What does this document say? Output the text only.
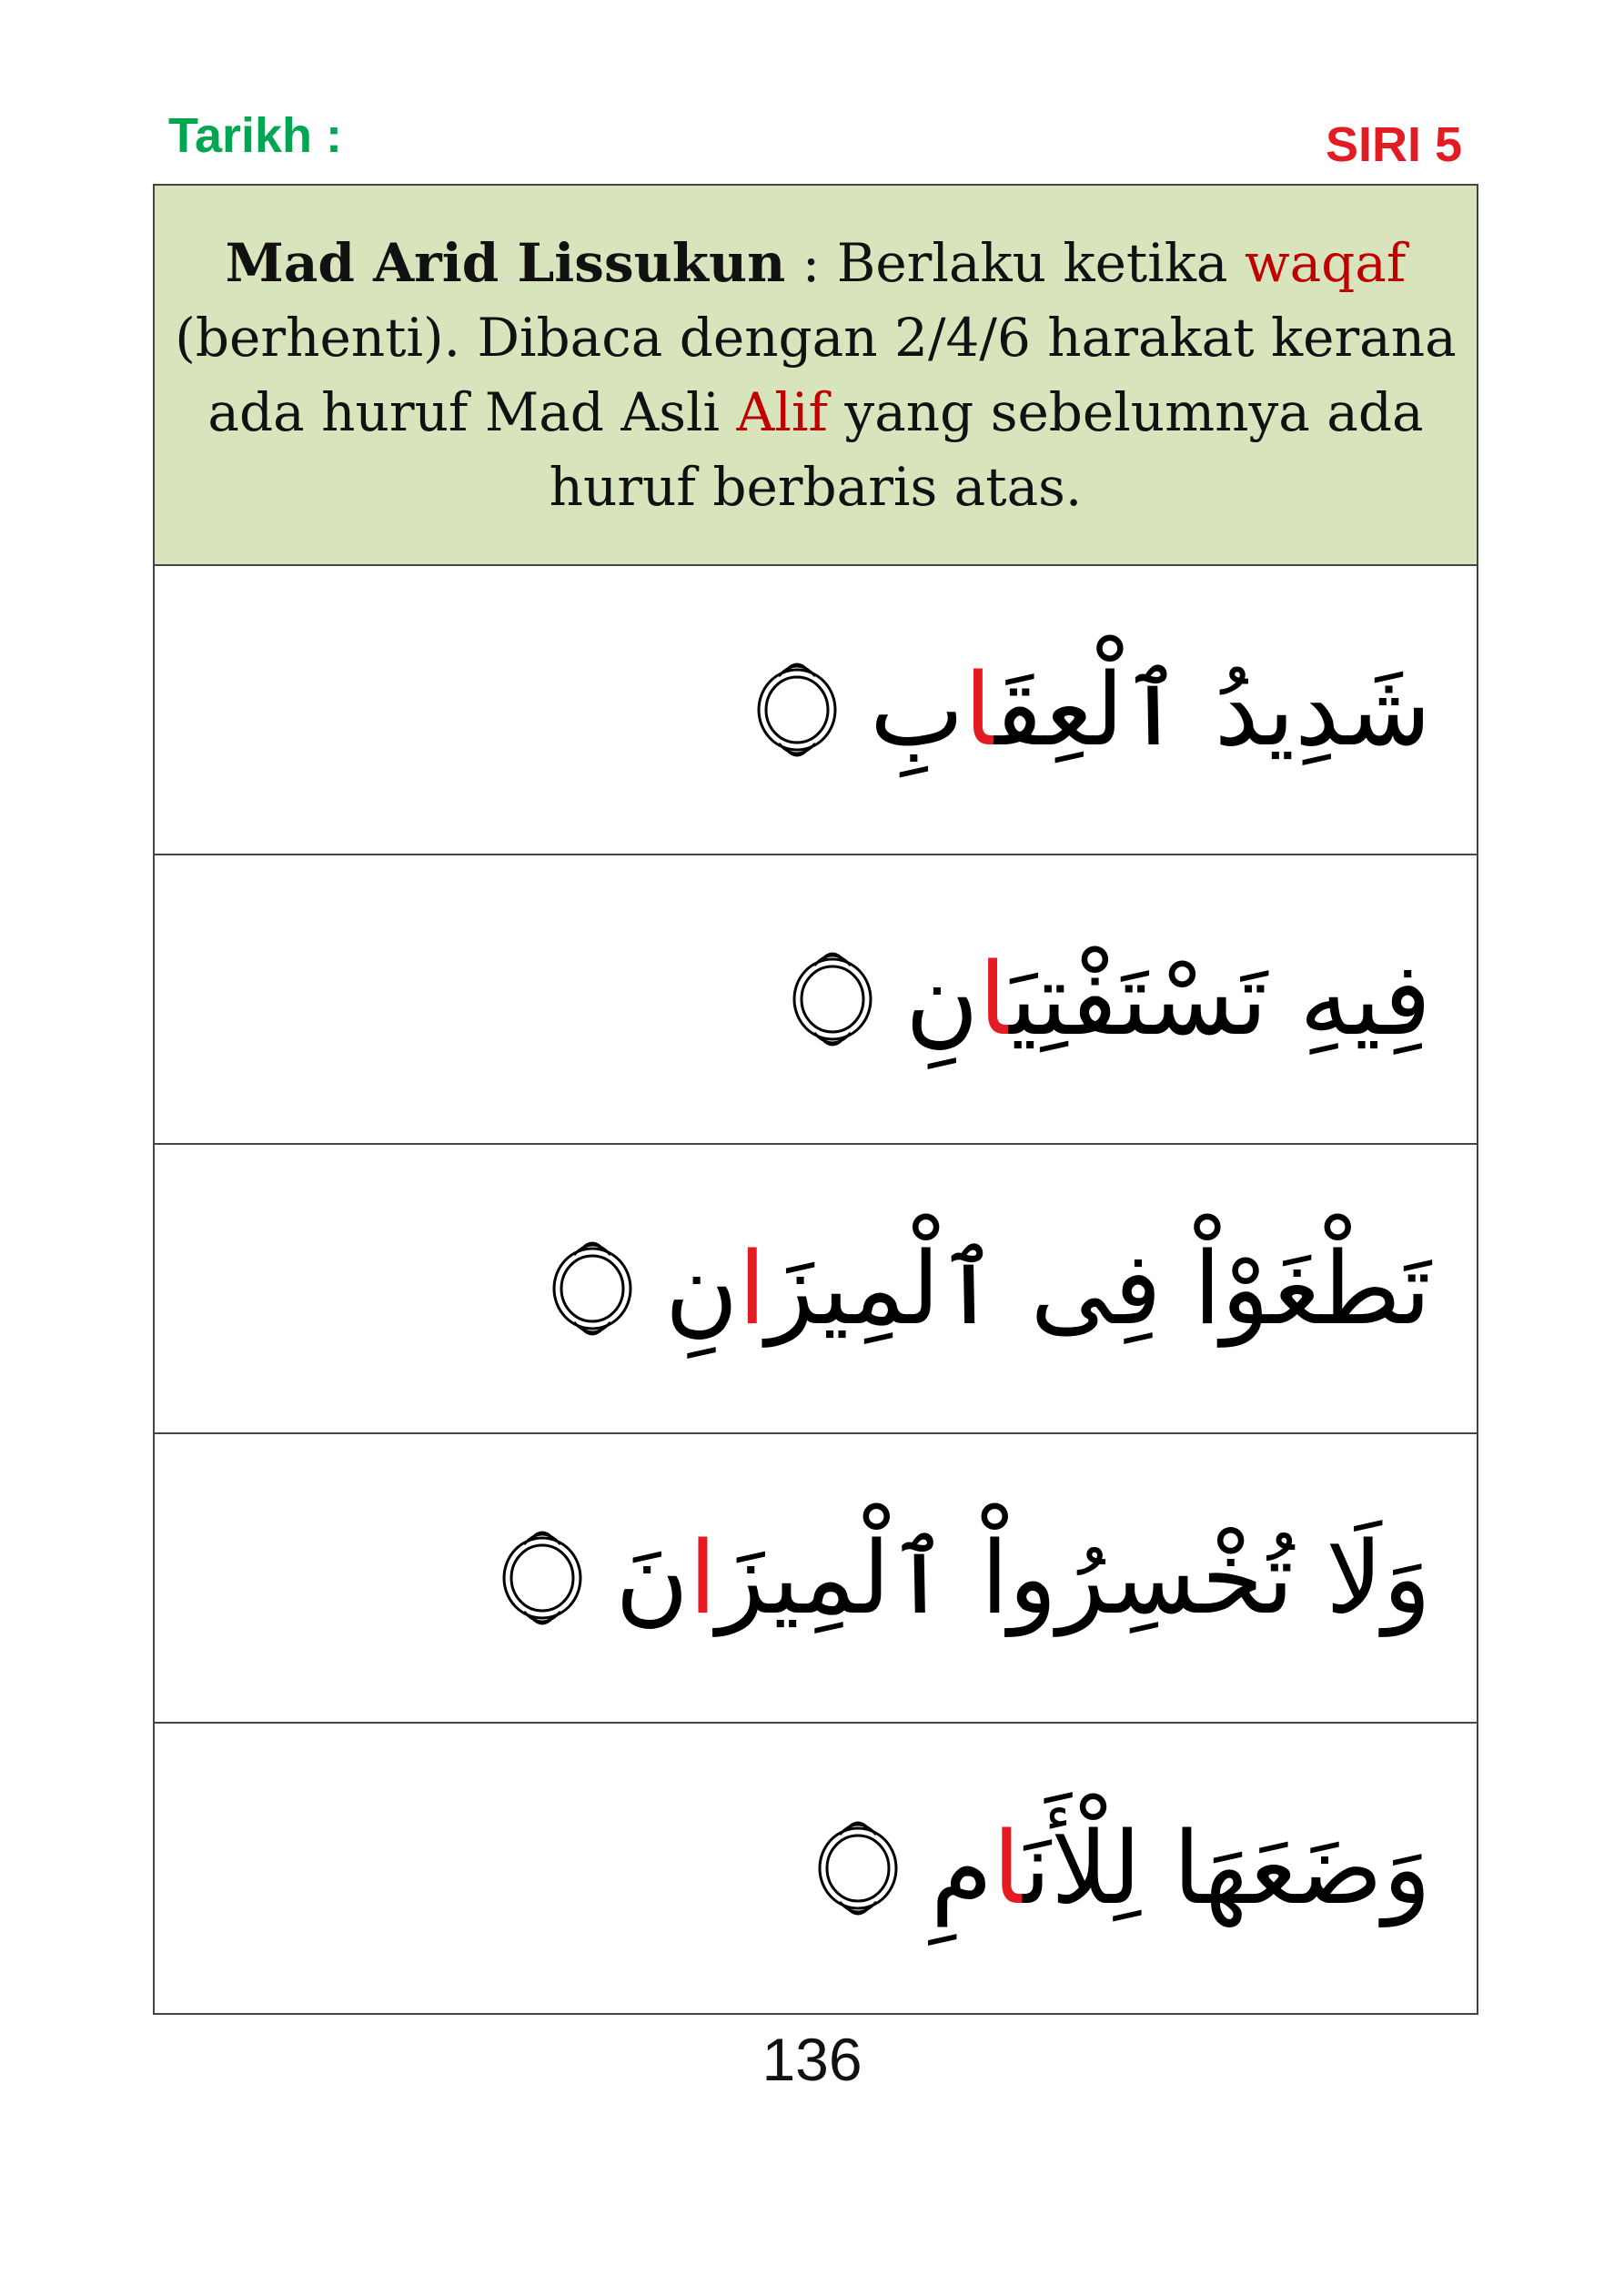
Tarikh :	SIRI 5

Mad Arid Lissukun : Berlaku ketika waqaf (berhenti). Dibaca dengan 2/4/6 harakat kerana ada huruf Mad Asli Alif yang sebelumnya ada huruf berbaris atas.

شَدِيدُ ٱلْعِقَابِ
فِيهِ تَسْتَفْتِيَانِ
تَطْغَوْاْ فِى ٱلْمِيزَانِ
وَلَا تُخْسِرُواْ ٱلْمِيزَانَ
وَضَعَهَا لِلْأَنَامِ
136
